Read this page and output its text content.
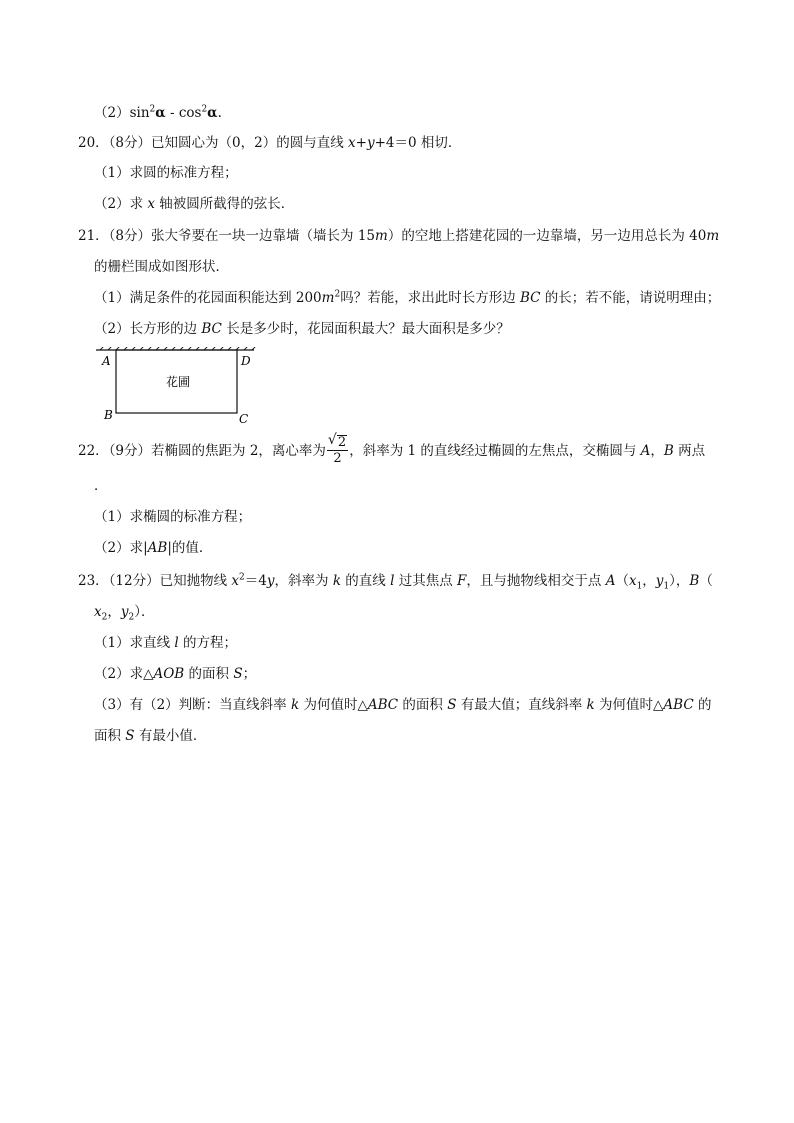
$(2)\sin^2\alpha - \cos^2\alpha$.
20．（8分）已知圆心为（0，2）的圆与直线 x+y+4＝0 相切．
（1）求圆的标准方程；
（2）求 x 轴被圆所截得的弦长．
21．（8分）张大爷要在一块一边靠墙（墙长为 15m）的空地上搭建花园的一边靠墙，另一边用总长为 40m
的栅栏围成如图形状．
（1）满足条件的花园面积能达到 $200m^2$吗？若能，求出此时长方形边 BC 的长；若不能，请说明理由；
（2）长方形的边 BC 长是多少时，花园面积最大？最大面积是多少？
A	D
B	C
花圃
22．（9分）若椭圆的焦距为 2，离心率为 $\frac{√ 2}{2}$ ，斜率为 1 的直线经过椭圆的左焦点，交椭圆与 A，B 两点
．
（1）求椭圆的标准方程；
（2）求|AB|的值．
23．（12分）已知抛物线 $x^2=4y$，斜率为 k 的直线 l 过其焦点 F，且与抛物线相交于点 $A(x_1$，$y_1$），B（
$x_2$，$y_2$）．
（1）求直线 l 的方程；
（2）求△AOB 的面积 S；
（3）有（2）判断：当直线斜率 k 为何值时△ABC 的面积 S 有最大值；直线斜率 k 为何值时△ABC 的
面积 S 有最小值．
